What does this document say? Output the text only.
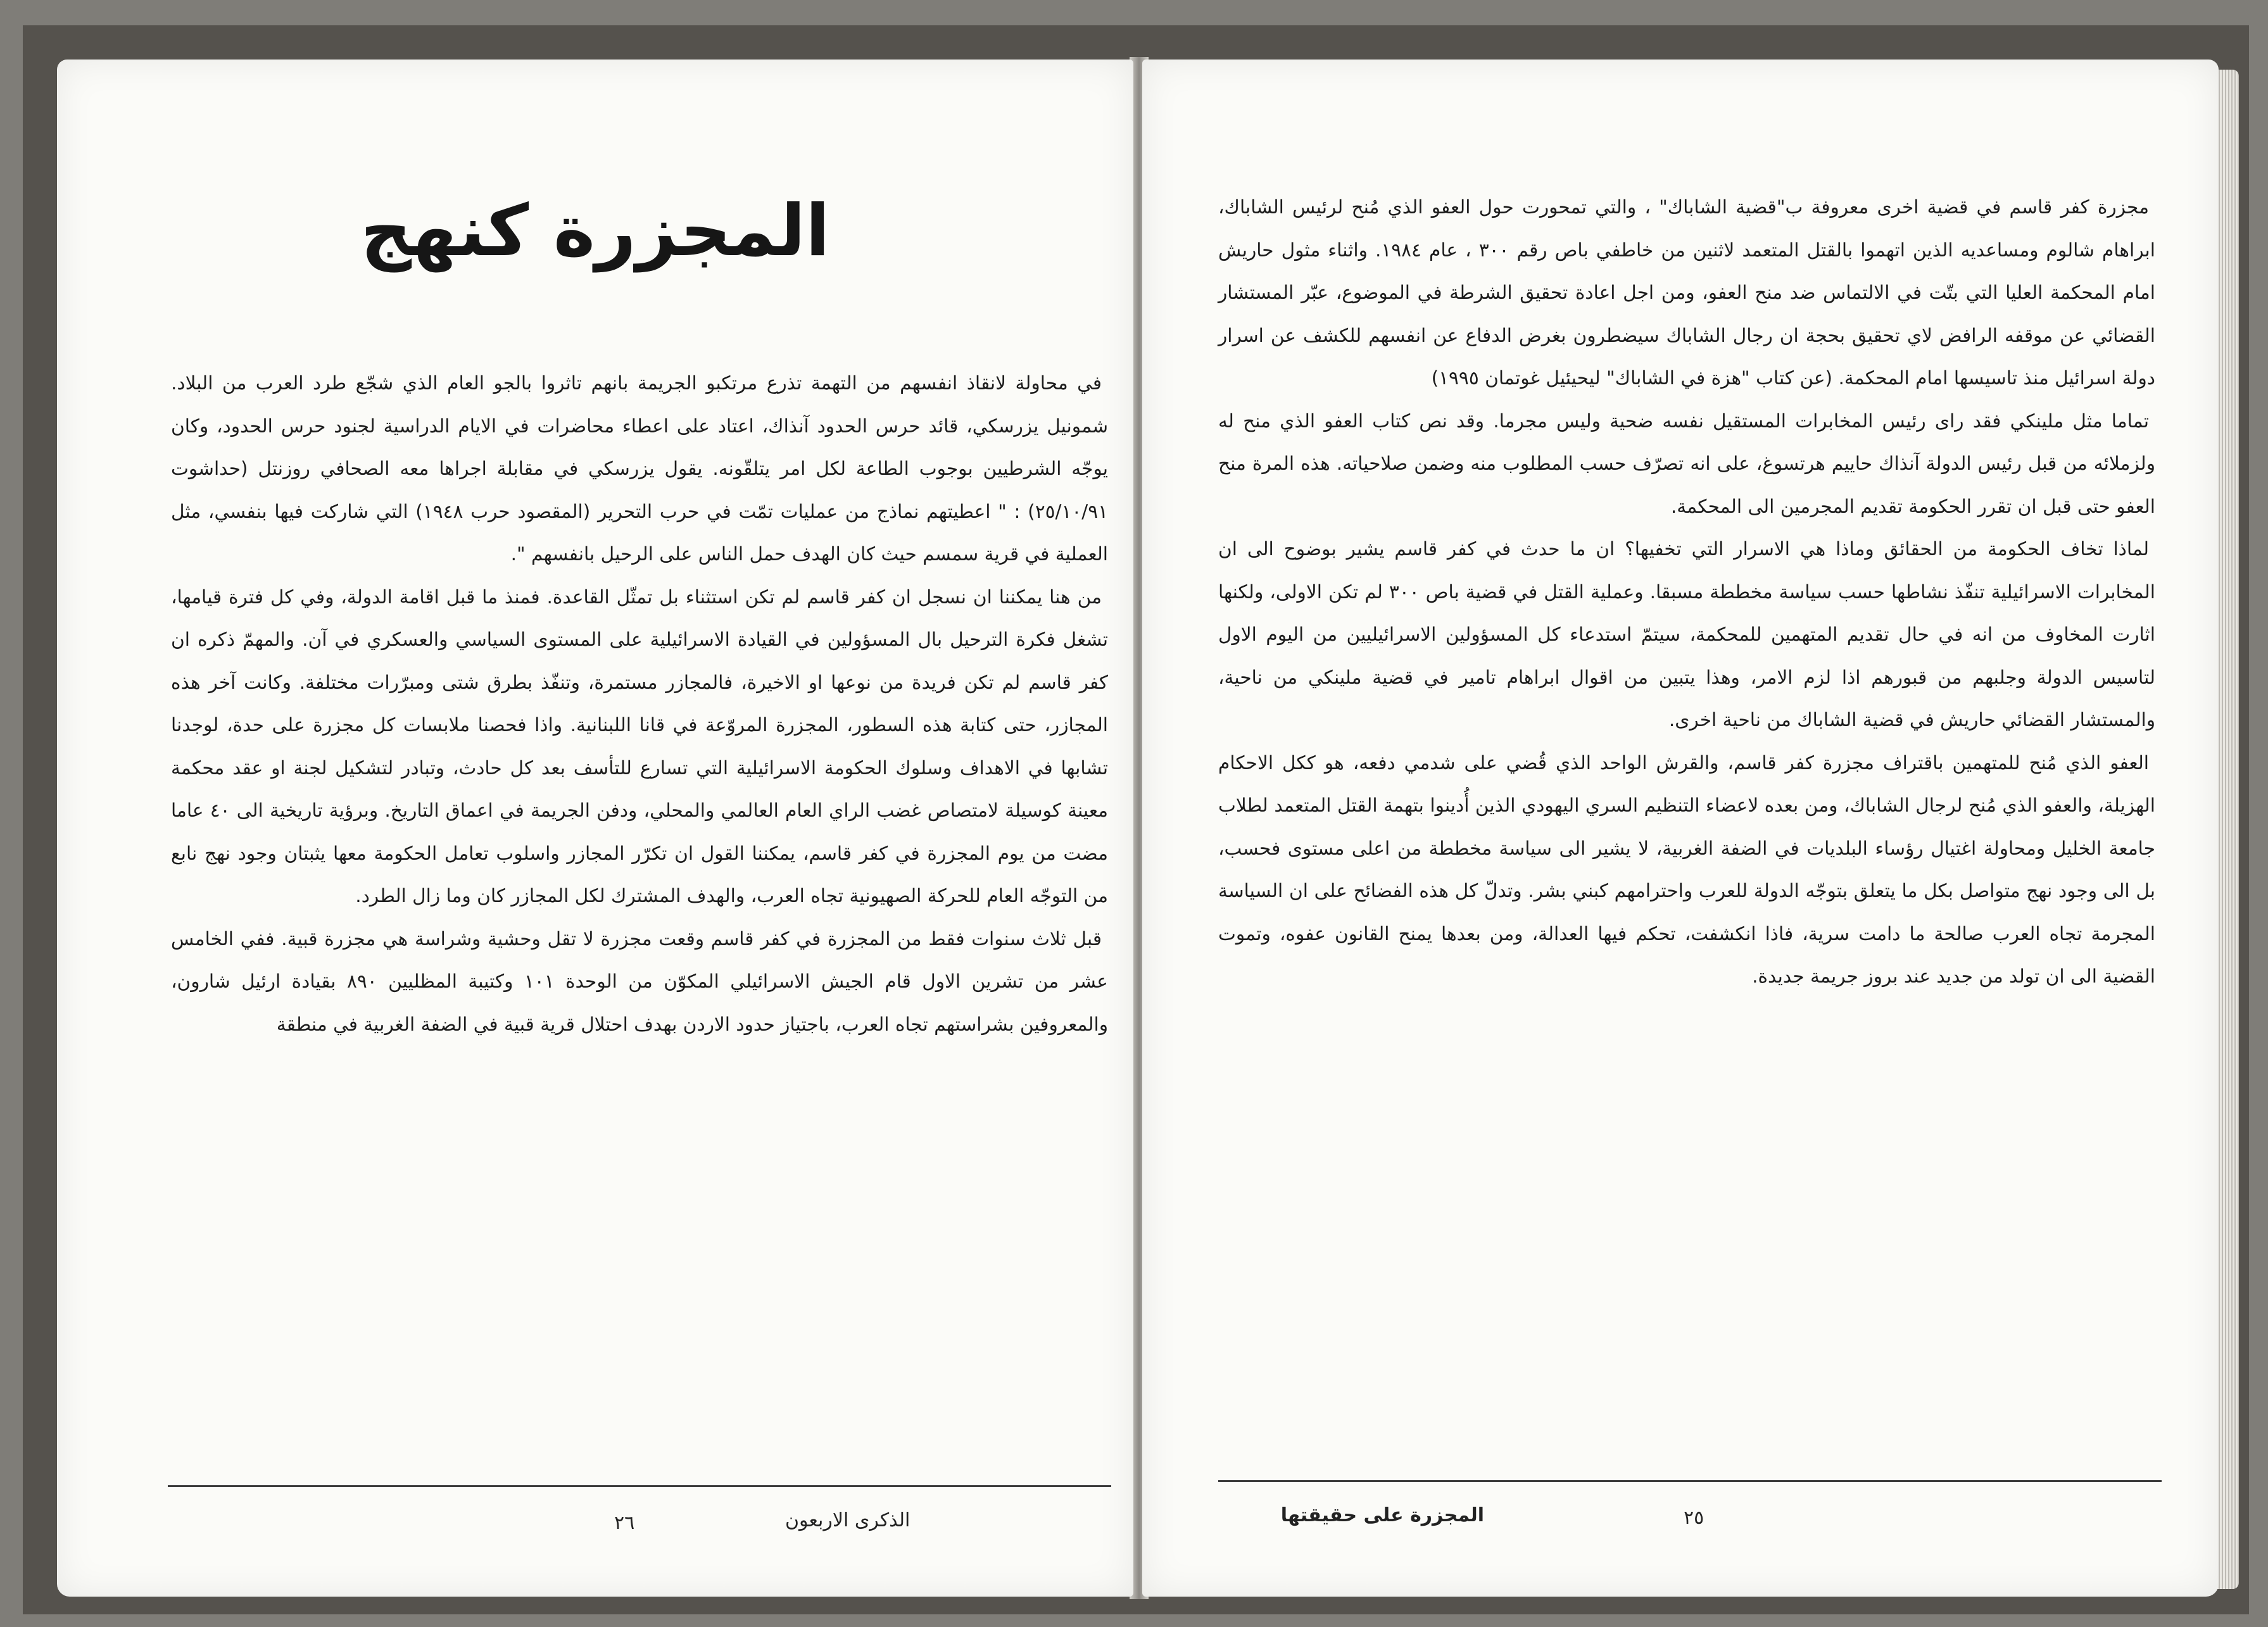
المجزرة كنهج

في محاولة لانقاذ انفسهم من التهمة تذرع مرتكبو الجريمة بانهم تاثروا بالجو العام الذي شجّع طرد العرب من البلاد. شمونيل يزرسكي، قائد حرس الحدود آنذاك، اعتاد على اعطاء محاضرات في الايام الدراسية لجنود حرس الحدود، وكان يوجّه الشرطيين بوجوب الطاعة لكل امر يتلقّونه. يقول يزرسكي في مقابلة اجراها معه الصحافي روزنتل (حداشوت ٢٥/١٠/٩١) : " اعطيتهم نماذج من عمليات تمّت في حرب التحرير (المقصود حرب ١٩٤٨) التي شاركت فيها بنفسي، مثل العملية في قرية سمسم حيث كان الهدف حمل الناس على الرحيل بانفسهم ".

من هنا يمكننا ان نسجل ان كفر قاسم لم تكن استثناء بل تمثّل القاعدة. فمنذ ما قبل اقامة الدولة، وفي كل فترة قيامها، تشغل فكرة الترحيل بال المسؤولين في القيادة الاسرائيلية على المستوى السياسي والعسكري في آن. والمهمّ ذكره ان كفر قاسم لم تكن فريدة من نوعها او الاخيرة، فالمجازر مستمرة، وتنفّذ بطرق شتى ومبرّرات مختلفة. وكانت آخر هذه المجازر، حتى كتابة هذه السطور، المجزرة المروّعة في قانا اللبنانية. واذا فحصنا ملابسات كل مجزرة على حدة، لوجدنا تشابها في الاهداف وسلوك الحكومة الاسرائيلية التي تسارع للتأسف بعد كل حادث، وتبادر لتشكيل لجنة او عقد محكمة معينة كوسيلة لامتصاص غضب الراي العام العالمي والمحلي، ودفن الجريمة في اعماق التاريخ. وبرؤية تاريخية الى ٤٠ عاما مضت من يوم المجزرة في كفر قاسم، يمكننا القول ان تكرّر المجازر واسلوب تعامل الحكومة معها يثبتان وجود نهج نابع من التوجّه العام للحركة الصهيونية تجاه العرب، والهدف المشترك لكل المجازر كان وما زال الطرد.

قبل ثلاث سنوات فقط من المجزرة في كفر قاسم وقعت مجزرة لا تقل وحشية وشراسة هي مجزرة قبية. ففي الخامس عشر من تشرين الاول قام الجيش الاسرائيلي المكوّن من الوحدة ١٠١ وكتيبة المظليين ٨٩٠ بقيادة ارئيل شارون، والمعروفين بشراستهم تجاه العرب، باجتياز حدود الاردن بهدف احتلال قرية قبية في الضفة الغربية في منطقة

٢٦	الذكرى الاربعون

مجزرة كفر قاسم في قضية اخرى معروفة ب"قضية الشاباك" ، والتي تمحورت حول العفو الذي مُنح لرئيس الشاباك، ابراهام شالوم ومساعديه الذين اتهموا بالقتل المتعمد لاثنين من خاطفي باص رقم ٣٠٠ ، عام ١٩٨٤. واثناء مثول حاريش امام المحكمة العليا التي بتّت في الالتماس ضد منح العفو، ومن اجل اعادة تحقيق الشرطة في الموضوع، عبّر المستشار القضائي عن موقفه الرافض لاي تحقيق بحجة ان رجال الشاباك سيضطرون بغرض الدفاع عن انفسهم للكشف عن اسرار دولة اسرائيل منذ تاسيسها امام المحكمة. (عن كتاب "هزة في الشاباك" ليحيئيل غوتمان ١٩٩٥)

تماما مثل ملينكي فقد راى رئيس المخابرات المستقيل نفسه ضحية وليس مجرما. وقد نص كتاب العفو الذي منح له ولزملائه من قبل رئيس الدولة آنذاك حاييم هرتسوغ، على انه تصرّف حسب المطلوب منه وضمن صلاحياته. هذه المرة منح العفو حتى قبل ان تقرر الحكومة تقديم المجرمين الى المحكمة.

لماذا تخاف الحكومة من الحقائق وماذا هي الاسرار التي تخفيها؟ ان ما حدث في كفر قاسم يشير بوضوح الى ان المخابرات الاسرائيلية تنفّذ نشاطها حسب سياسة مخططة مسبقا. وعملية القتل في قضية باص ٣٠٠ لم تكن الاولى، ولكنها اثارت المخاوف من انه في حال تقديم المتهمين للمحكمة، سيتمّ استدعاء كل المسؤولين الاسرائيليين من اليوم الاول لتاسيس الدولة وجلبهم من قبورهم اذا لزم الامر، وهذا يتبين من اقوال ابراهام تامير في قضية ملينكي من ناحية، والمستشار القضائي حاريش في قضية الشاباك من ناحية اخرى.

العفو الذي مُنح للمتهمين باقتراف مجزرة كفر قاسم، والقرش الواحد الذي قُضي على شدمي دفعه، هو ككل الاحكام الهزيلة، والعفو الذي مُنح لرجال الشاباك، ومن بعده لاعضاء التنظيم السري اليهودي الذين أُدينوا بتهمة القتل المتعمد لطلاب جامعة الخليل ومحاولة اغتيال رؤساء البلديات في الضفة الغربية، لا يشير الى سياسة مخططة من اعلى مستوى فحسب، بل الى وجود نهج متواصل بكل ما يتعلق بتوجّه الدولة للعرب واحترامهم كبني بشر. وتدلّ كل هذه الفضائح على ان السياسة المجرمة تجاه العرب صالحة ما دامت سرية، فاذا انكشفت، تحكم فيها العدالة، ومن بعدها يمنح القانون عفوه، وتموت القضية الى ان تولد من جديد عند بروز جريمة جديدة.

٢٥
المجزرة على حقيقتها
